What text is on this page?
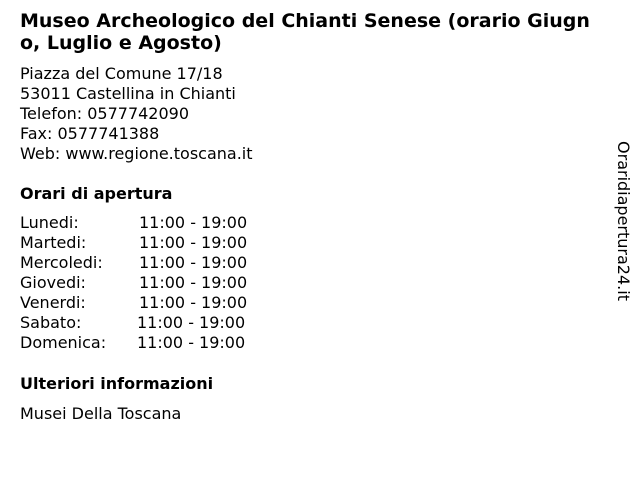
Museo Archeologico del Chianti Senese (orario Giugno, Luglio e Agosto)
Piazza del Comune 17/18
53011 Castellina in Chianti
Telefon: 0577742090
Fax: 0577741388
Web: www.regione.toscana.it
Orari di apertura
Lunedi:	11:00 - 19:00
Martedi:	11:00 - 19:00
Mercoledi: 11:00 - 19:00
Giovedi:	11:00 - 19:00
Venerdi:	11:00 - 19:00
Sabato:	11:00 - 19:00
Domenica: 11:00 - 19:00
Ulteriori informazioni
Musei Della Toscana
Oraridiapertura24.it
